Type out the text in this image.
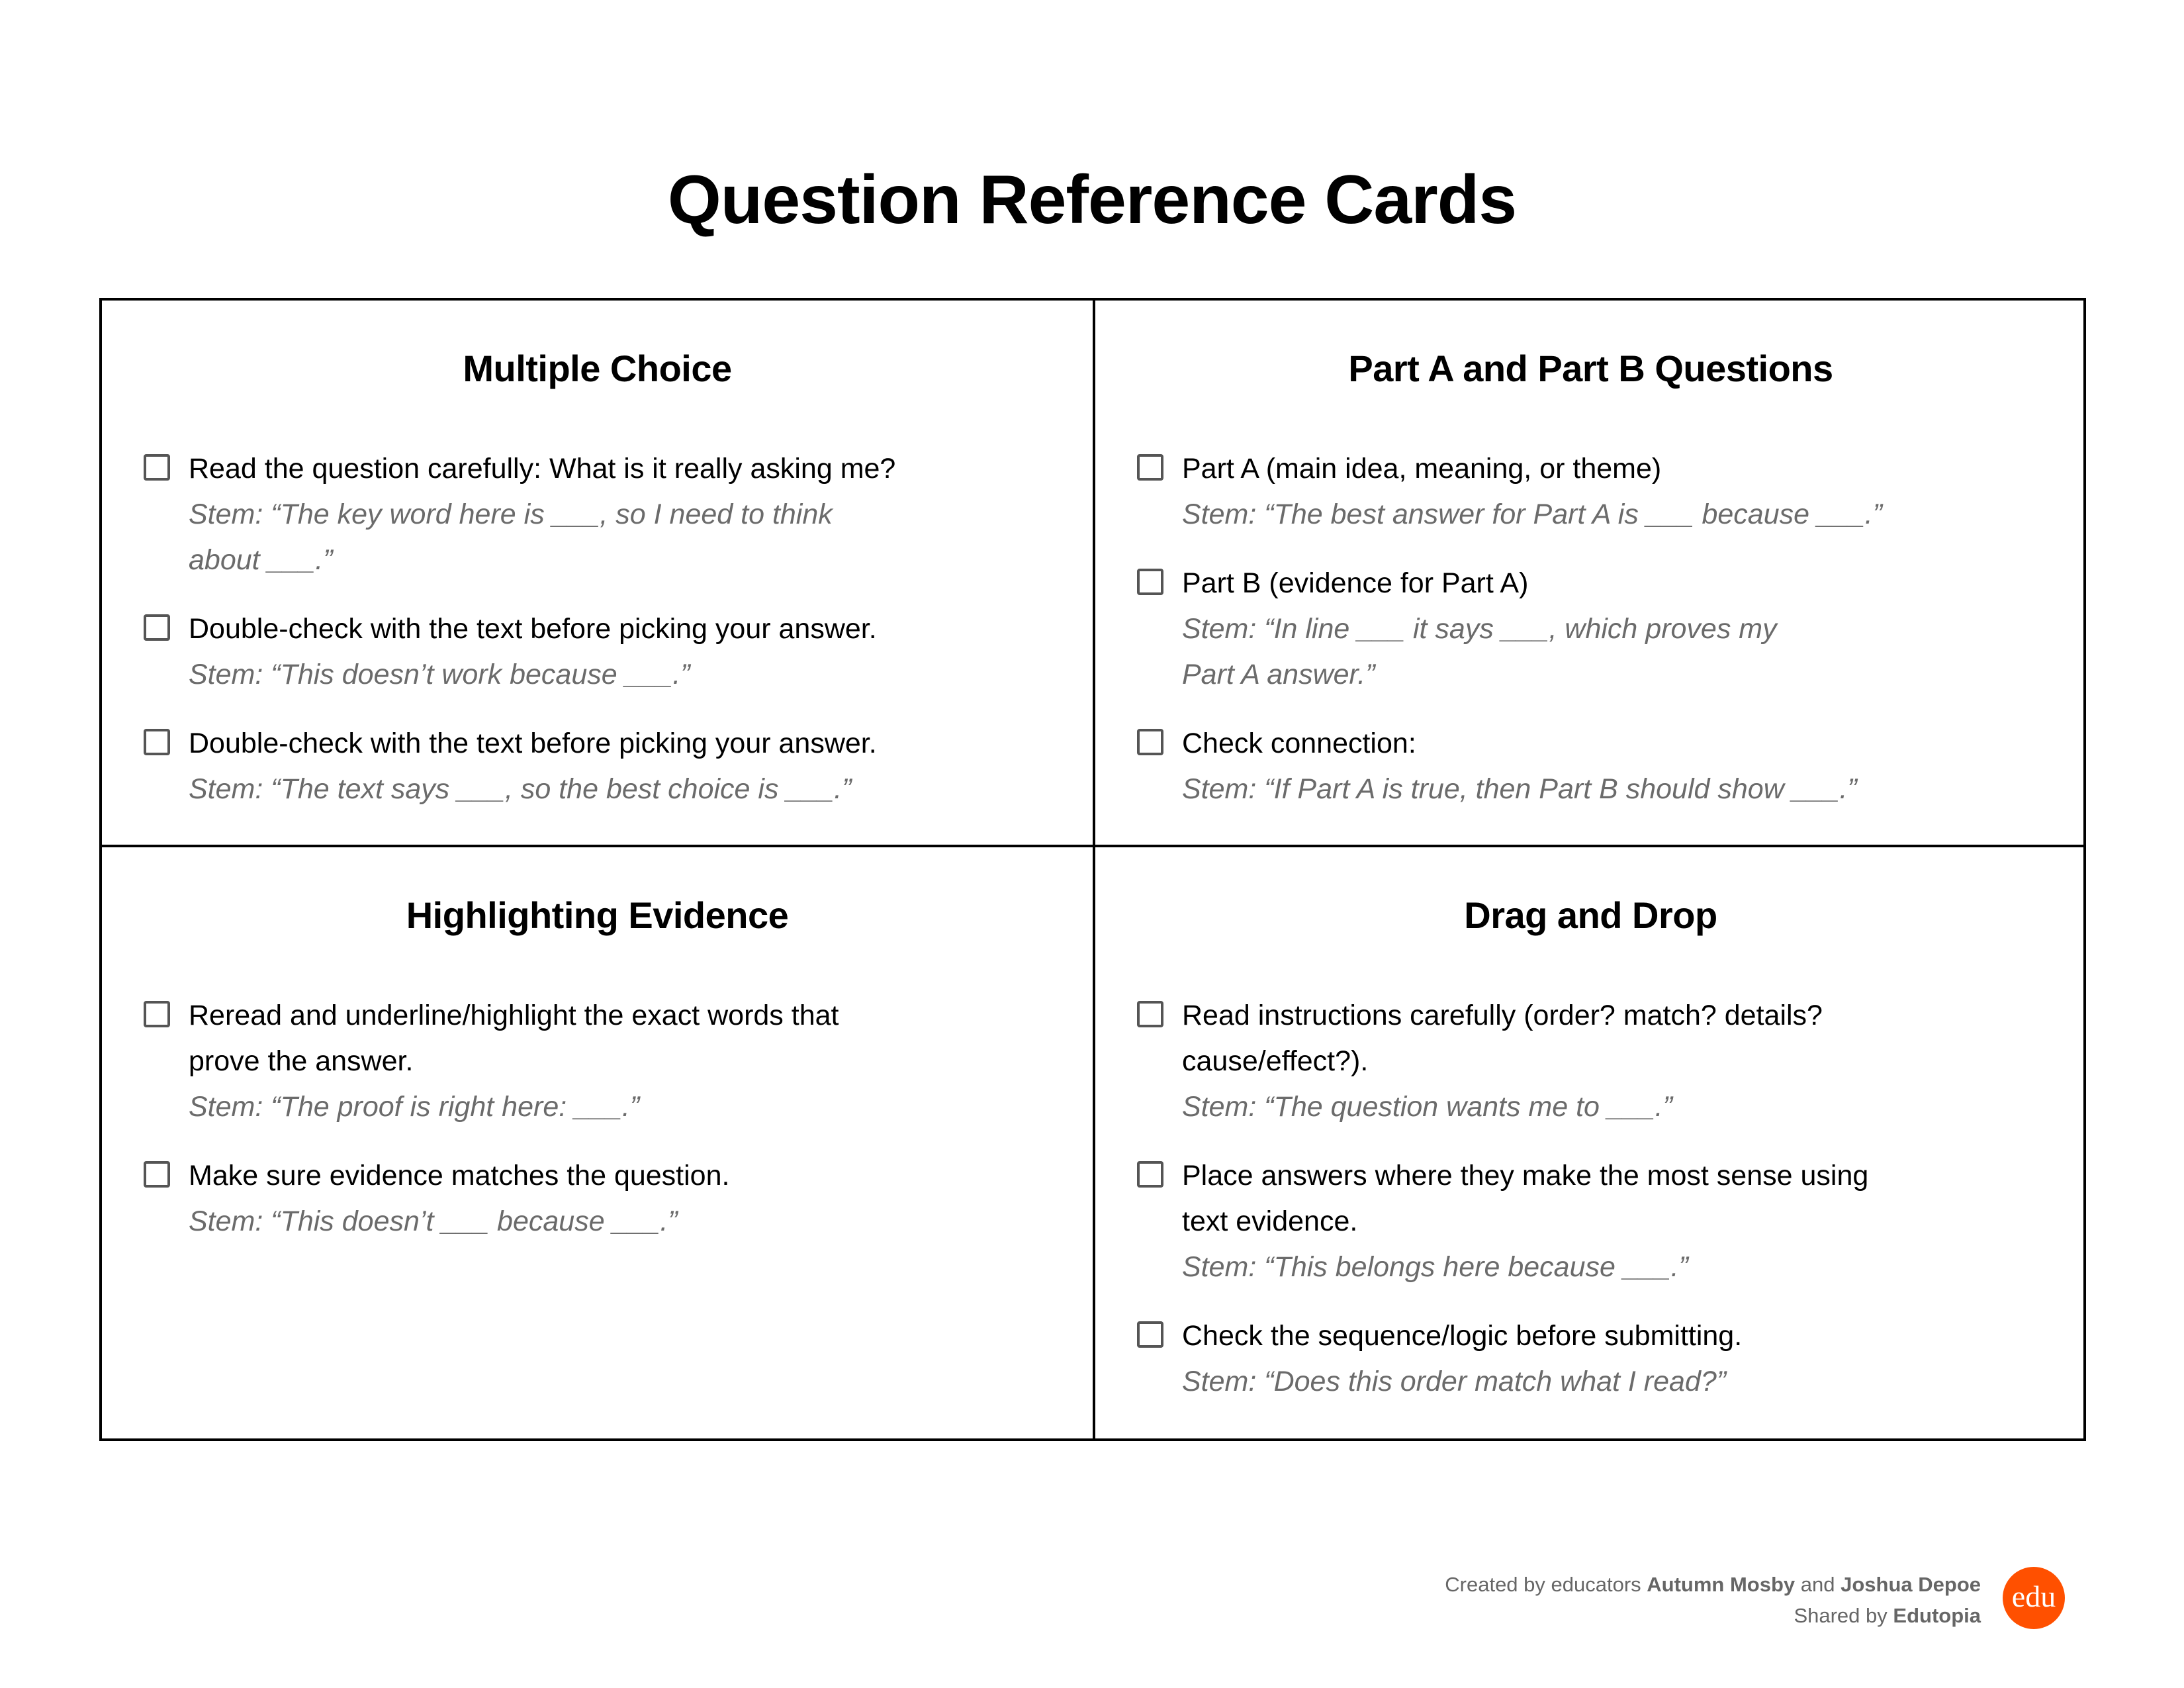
Question Reference Cards
Multiple Choice
Read the question carefully: What is it really asking me?
Stem: “The key word here is ___, so I need to think
about ___.”
Double-check with the text before picking your answer.
Stem: “This doesn’t work because ___.”
Double-check with the text before picking your answer.
Stem: “The text says ___, so the best choice is ___.”
Part A and Part B Questions
Part A (main idea, meaning, or theme)
Stem: “The best answer for Part A is ___ because ___.”
Part B (evidence for Part A)
Stem: “In line ___ it says ___, which proves my
Part A answer.”
Check connection:
Stem: “If Part A is true, then Part B should show ___.”
Highlighting Evidence
Reread and underline/highlight the exact words that
prove the answer.
Stem: “The proof is right here: ___.”
Make sure evidence matches the question.
Stem: “This doesn’t ___ because ___.”
Drag and Drop
Read instructions carefully (order? match? details?
cause/effect?).
Stem: “The question wants me to ___.”
Place answers where they make the most sense using
text evidence.
Stem: “This belongs here because ___.”
Check the sequence/logic before submitting.
Stem: “Does this order match what I read?”
Created by educators Autumn Mosby and Joshua Depoe
Shared by Edutopia
edu
